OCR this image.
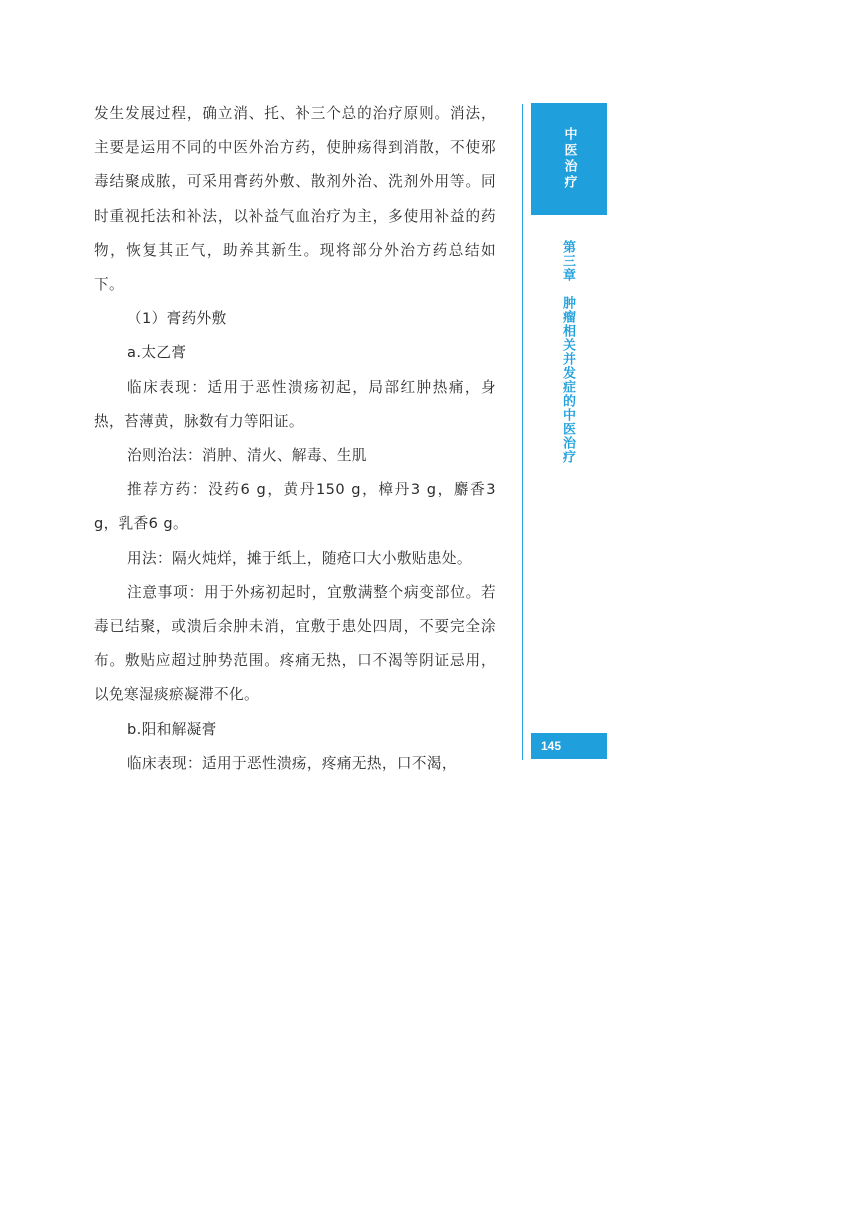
发生发展过程，确立消、托、补三个总的治疗原则。消法，主要是运用不同的中医外治方药，使肿疡得到消散，不使邪毒结聚成脓，可采用膏药外敷、散剂外治、洗剂外用等。同时重视托法和补法，以补益气血治疗为主，多使用补益的药物，恢复其正气，助养其新生。现将部分外治方药总结如下。

（1）膏药外敷

a.太乙膏

临床表现：适用于恶性溃疡初起，局部红肿热痛，身热，苔薄黄，脉数有力等阳证。

治则治法：消肿、清火、解毒、生肌

推荐方药：没药6 g，黄丹150 g，樟丹3 g，麝香3 g，乳香6 g。

用法：隔火炖烊，摊于纸上，随疮口大小敷贴患处。

注意事项：用于外疡初起时，宜敷满整个病变部位。若毒已结聚，或溃后余肿未消，宜敷于患处四周，不要完全涂布。敷贴应超过肿势范围。疼痛无热，口不渴等阴证忌用，以免寒湿痰瘀凝滞不化。

b.阳和解凝膏

临床表现：适用于恶性溃疡，疼痛无热，口不渴，

中医治疗
第三章肿瘤相关并发症的中医治疗
145
